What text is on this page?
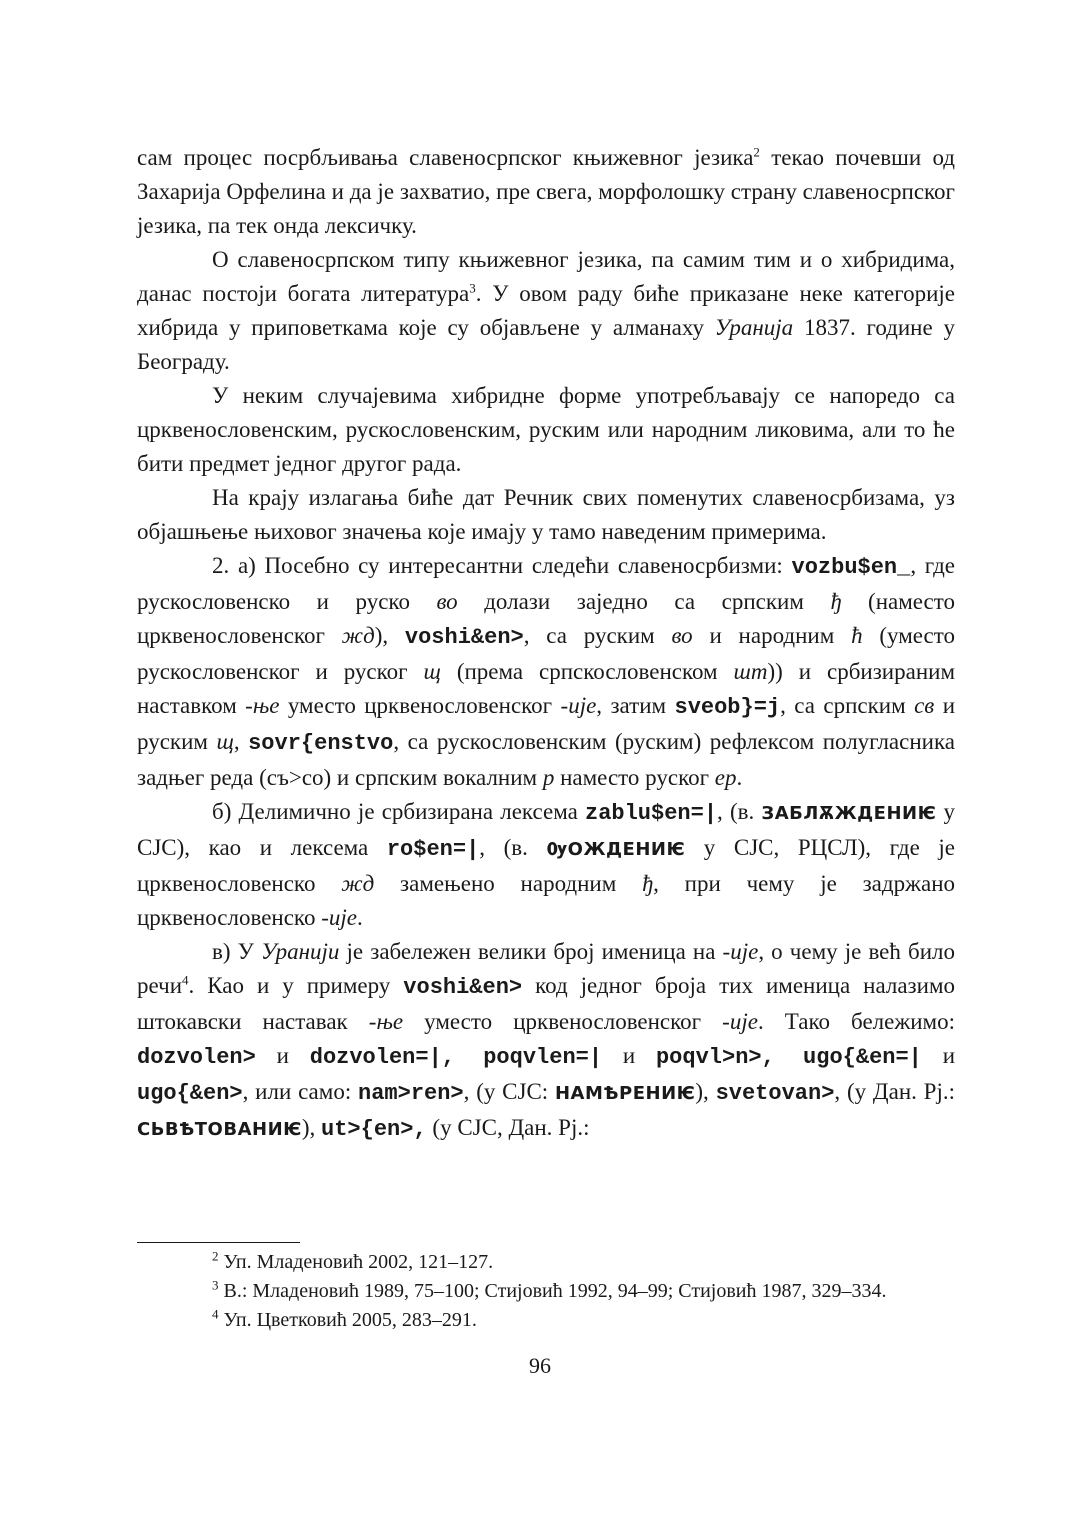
сам процес посрбљивања славеносрпског књижевног језика$^2$ текао почевши од Захарија Орфелина и да је захватио, пре свега, морфолошку страну славеносрпског језика, па тек онда лексичку.

О славеносрпском типу књижевног језика, па самим тим и о хибридима, данас постоји богата литература$^3$. У овом раду биће приказане неке категорије хибрида у приповеткама које су објављене у алманаху Уранија 1837. године у Београду.

У неким случајевима хибридне форме употребљавају се напоредо са црквенословенским, рускословенским, руским или народним ликовима, али то ће бити предмет једног другог рада.

На крају излагања биће дат Речник свих поменутих славеносрбизама, уз објашњење њиховог значења које имају у тамо наведеним примерима.

2. а) Посебно су интересантни следећи славеносрбизми: vozbu$en_, где рускословенско и руско во долази заједно са српским ђ (наместо црквенословенског жд), voshi&en>, са руским во и народним ћ (уместо рускословенског и руског щ (према српскословенском шт)) и србизираним наставком -ње уместо црквенословенског -ије, затим sveob}=j, са српским св и руским щ, sovr{enstvo, са рускословенским (руским) рефлексом полугласника задњег реда (съ>со) и српским вокалним р наместо руског ер.

б) Делимично је србизирана лексема zablu$en=|, (в. ЗАБЛѪЖДЕНИѤ у СЈС), као и лексема ro$en=|, (в. ѸОЖДЕНИѤ у СЈС, РЦСЛ), где је црквенословенско жд замењено народним ђ, при чему је задржано црквенословенско -ије.

в) У Уранији је забележен велики број именица на -ије, о чему је већ било речи$^4$. Као и у примеру voshi&en> код једног броја тих именица налазимо штокавски наставак -ње уместо црквенословенског -ије. Тако бележимо: dozvolen> и dozvolen=|, poqvlen=| и poqvl>n>, ugo{&en=| и ugo{&en>, или само: nam>ren>, (у СЈС: НАМѢРЕНИѤ), svetovan>, (у Дан. Рј.: СЬВѢТОВАНИѤ), ut>{en>, (у СЈС, Дан. Рј.:

$^2$ Уп. Младеновић 2002, 121–127.

$^3$ В.: Младеновић 1989, 75–100; Стијовић 1992, 94–99; Стијовић 1987, 329–334.

$^4$ Уп. Цветковић 2005, 283–291.

96
